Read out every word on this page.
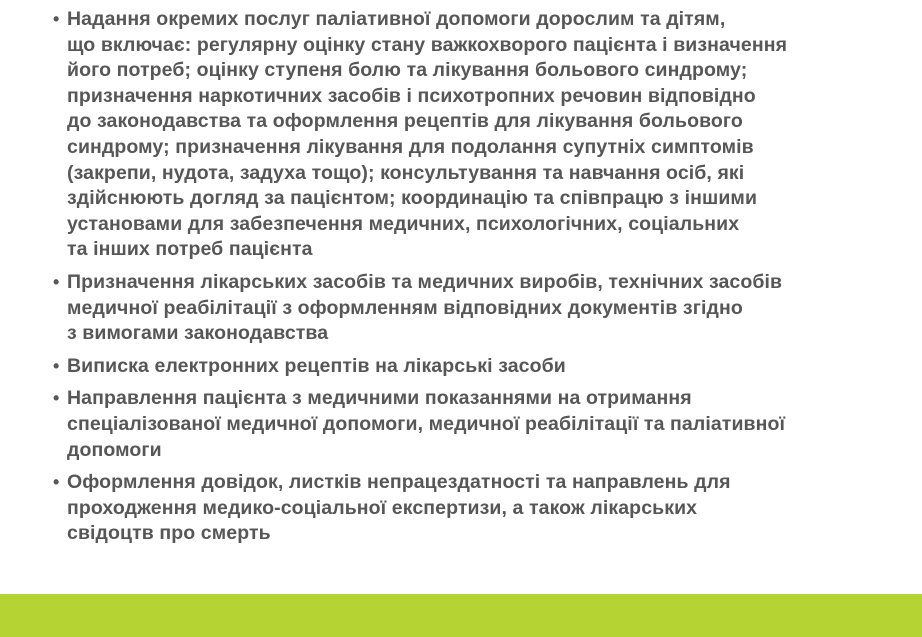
• Надання окремих послуг паліативної допомоги дорослим та дітям,
що включає: регулярну оцінку стану важкохворого пацієнта і визначення
його потреб; оцінку ступеня болю та лікування больового синдрому;
призначення наркотичних засобів і психотропних речовин відповідно
до законодавства та оформлення рецептів для лікування больового
синдрому; призначення лікування для подолання супутніх симптомів
(закрепи, нудота, задуха тощо); консультування та навчання осіб, які
здійснюють догляд за пацієнтом; координацію та співпрацю з іншими
установами для забезпечення медичних, психологічних, соціальних
та інших потреб пацієнта
• Призначення лікарських засобів та медичних виробів, технічних засобів
медичної реабілітації з оформленням відповідних документів згідно
з вимогами законодавства
• Виписка електронних рецептів на лікарські засоби
• Направлення пацієнта з медичними показаннями на отримання
спеціалізованої медичної допомоги, медичної реабілітації та паліативної
допомоги
• Оформлення довідок, листків непрацездатності та направлень для
проходження медико-соціальної експертизи, а також лікарських
свідоцтв про смерть
